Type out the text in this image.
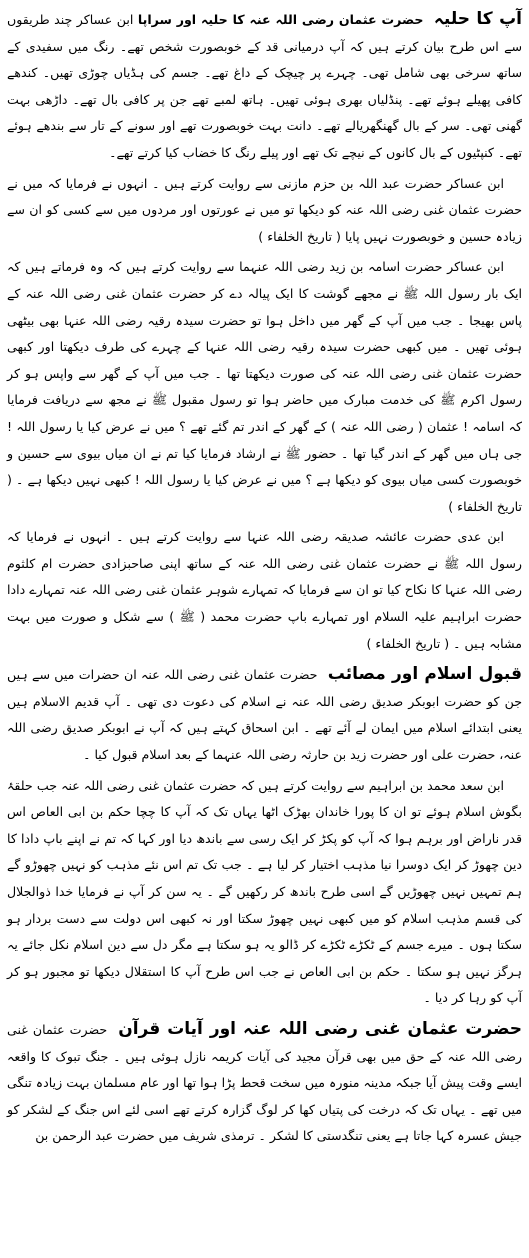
آپ کا حلیہ حضرت عثمان رضی اللہ عنہ کا حلیہ اور سراپا ابن عساکر چند طریقوں سے اس طرح بیان کرتے ہیں کہ آپ درمیانی قد کے خوبصورت شخص تھے۔ رنگ میں سفیدی کے ساتھ سرخی بھی شامل تھی۔ چہرے پر چیچک کے داغ تھے۔ جسم کی ہڈیاں چوڑی تھیں۔ کندھے کافی پھیلے ہوئے تھے۔ پنڈلیاں بھری ہوئی تھیں۔ ہاتھ لمبے تھے جن پر کافی بال تھے۔ داڑھی بہت گھنی تھی۔ سر کے بال گھنگھریالے تھے۔ دانت بہت خوبصورت تھے اور سونے کے تار سے بندھے ہوئے تھے۔ کنپٹیوں کے بال کانوں کے نیچے تک تھے اور پیلے رنگ کا خضاب کیا کرتے تھے۔

ابن عساکر حضرت عبد اللہ بن حزم مازنی سے روایت کرتے ہیں ۔ انہوں نے فرمایا کہ میں نے حضرت عثمان غنی رضی اللہ عنہ کو دیکھا تو میں نے عورتوں اور مردوں میں سے کسی کو ان سے زیادہ حسین و خوبصورت نہیں پایا ( تاریخ الخلفاء )

ابن عساکر حضرت اسامہ بن زید رضی اللہ عنہما سے روایت کرتے ہیں کہ وہ فرماتے ہیں کہ ایک بار رسول اللہ ﷺ نے مجھے گوشت کا ایک پیالہ دے کر حضرت عثمان غنی رضی اللہ عنہ کے پاس بھیجا ۔ جب میں آپ کے گھر میں داخل ہوا تو حضرت سیدہ رقیہ رضی اللہ عنہا بھی بیٹھی ہوئی تھیں ۔ میں کبھی حضرت سیدہ رقیہ رضی اللہ عنہا کے چہرے کی طرف دیکھتا اور کبھی حضرت عثمان غنی رضی اللہ عنہ کی صورت دیکھتا تھا ۔ جب میں آپ کے گھر سے واپس ہو کر رسول اکرم ﷺ کی خدمت مبارک میں حاضر ہوا تو رسول مقبول ﷺ نے مجھ سے دریافت فرمایا کہ اسامہ ! عثمان ( رضی اللہ عنہ ) کے گھر کے اندر تم گئے تھے ؟ میں نے عرض کیا یا رسول اللہ ! جی ہاں میں گھر کے اندر گیا تھا ۔ حضور ﷺ نے ارشاد فرمایا کیا تم نے ان میاں بیوی سے حسین و خوبصورت کسی میاں بیوی کو دیکھا ہے ؟ میں نے عرض کیا یا رسول اللہ ! کبھی نہیں دیکھا ہے ۔ ( تاریخ الخلفاء )

ابن عدی حضرت عائشہ صدیقہ رضی اللہ عنہا سے روایت کرتے ہیں ۔ انہوں نے فرمایا کہ رسول اللہ ﷺ نے حضرت عثمان غنی رضی اللہ عنہ کے ساتھ اپنی صاحبزادی حضرت ام کلثوم رضی اللہ عنہا کا نکاح کیا تو ان سے فرمایا کہ تمہارے شوہر عثمان غنی رضی اللہ عنہ تمہارے دادا حضرت ابراہیم علیہ السلام اور تمہارے باپ حضرت محمد ( ﷺ ) سے شکل و صورت میں بہت مشابہ ہیں ۔ ( تاریخ الخلفاء )

قبول اسلام اور مصائب حضرت عثمان غنی رضی اللہ عنہ ان حضرات میں سے ہیں جن کو حضرت ابوبکر صدیق رضی اللہ عنہ نے اسلام کی دعوت دی تھی ۔ آپ قدیم الاسلام ہیں یعنی ابتدائے اسلام میں ایمان لے آئے تھے ۔ ابن اسحاق کہتے ہیں کہ آپ نے ابوبکر صدیق رضی اللہ عنہ، حضرت علی اور حضرت زید بن حارثہ رضی اللہ عنہما کے بعد اسلام قبول کیا ۔

ابن سعد محمد بن ابراہیم سے روایت کرتے ہیں کہ حضرت عثمان غنی رضی اللہ عنہ جب حلقۂ بگوش اسلام ہوئے تو ان کا پورا خاندان بھڑک اٹھا یہاں تک کہ آپ کا چچا حکم بن ابی العاص اس قدر ناراض اور برہم ہوا کہ آپ کو پکڑ کر ایک رسی سے باندھ دیا اور کہا کہ تم نے اپنے باپ دادا کا دین چھوڑ کر ایک دوسرا نیا مذہب اختیار کر لیا ہے ۔ جب تک تم اس نئے مذہب کو نہیں چھوڑو گے ہم تمہیں نہیں چھوڑیں گے اسی طرح باندھ کر رکھیں گے ۔ یہ سن کر آپ نے فرمایا خدا ذوالجلال کی قسم مذہب اسلام کو میں کبھی نہیں چھوڑ سکتا اور نہ کبھی اس دولت سے دست بردار ہو سکتا ہوں ۔ میرے جسم کے ٹکڑے ٹکڑے کر ڈالو یہ ہو سکتا ہے مگر دل سے دین اسلام نکل جائے یہ ہرگز نہیں ہو سکتا ۔ حکم بن ابی العاص نے جب اس طرح آپ کا استقلال دیکھا تو مجبور ہو کر آپ کو رہا کر دیا ۔

حضرت عثمان غنی رضی اللہ عنہ اور آیات قرآن حضرت عثمان غنی رضی اللہ عنہ کے حق میں بھی قرآن مجید کی آیات کریمہ نازل ہوئی ہیں ۔ جنگ تبوک کا واقعہ ایسے وقت پیش آیا جبکہ مدینہ منورہ میں سخت قحط پڑا ہوا تھا اور عام مسلمان بہت زیادہ تنگی میں تھے ۔ یہاں تک کہ درخت کی پتیاں کھا کر لوگ گزارہ کرتے تھے اسی لئے اس جنگ کے لشکر کو جیش عسرہ کہا جاتا ہے یعنی تنگدستی کا لشکر ۔ ترمذی شریف میں حضرت عبد الرحمن بن
